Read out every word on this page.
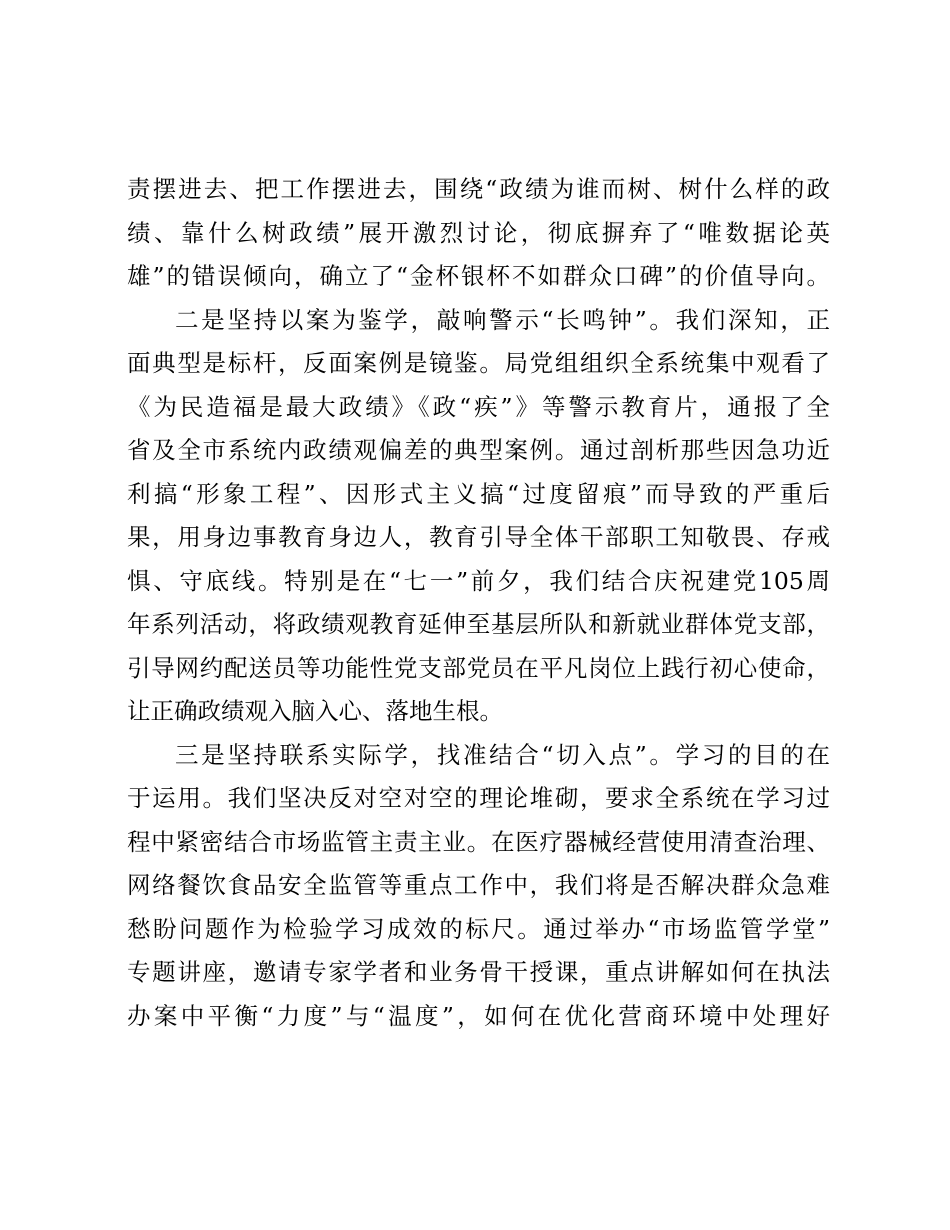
责摆进去、把工作摆进去，围绕“政绩为谁而树、树什么样的政
绩、靠什么树政绩”展开激烈讨论，彻底摒弃了“唯数据论英
雄”的错误倾向，确立了“金杯银杯不如群众口碑”的价值导向。
二是坚持以案为鉴学，敲响警示“长鸣钟”。我们深知，正
面典型是标杆，反面案例是镜鉴。局党组组织全系统集中观看了
《为民造福是最大政绩》《政“疾”》等警示教育片，通报了全
省及全市系统内政绩观偏差的典型案例。通过剖析那些因急功近
利搞“形象工程”、因形式主义搞“过度留痕”而导致的严重后
果，用身边事教育身边人，教育引导全体干部职工知敬畏、存戒
惧、守底线。特别是在“七一”前夕，我们结合庆祝建党105周
年系列活动，将政绩观教育延伸至基层所队和新就业群体党支部，
引导网约配送员等功能性党支部党员在平凡岗位上践行初心使命，
让正确政绩观入脑入心、落地生根。
三是坚持联系实际学，找准结合“切入点”。学习的目的在
于运用。我们坚决反对空对空的理论堆砌，要求全系统在学习过
程中紧密结合市场监管主责主业。在医疗器械经营使用清查治理、
网络餐饮食品安全监管等重点工作中，我们将是否解决群众急难
愁盼问题作为检验学习成效的标尺。通过举办“市场监管学堂”
专题讲座，邀请专家学者和业务骨干授课，重点讲解如何在执法
办案中平衡“力度”与“温度”，如何在优化营商环境中处理好
